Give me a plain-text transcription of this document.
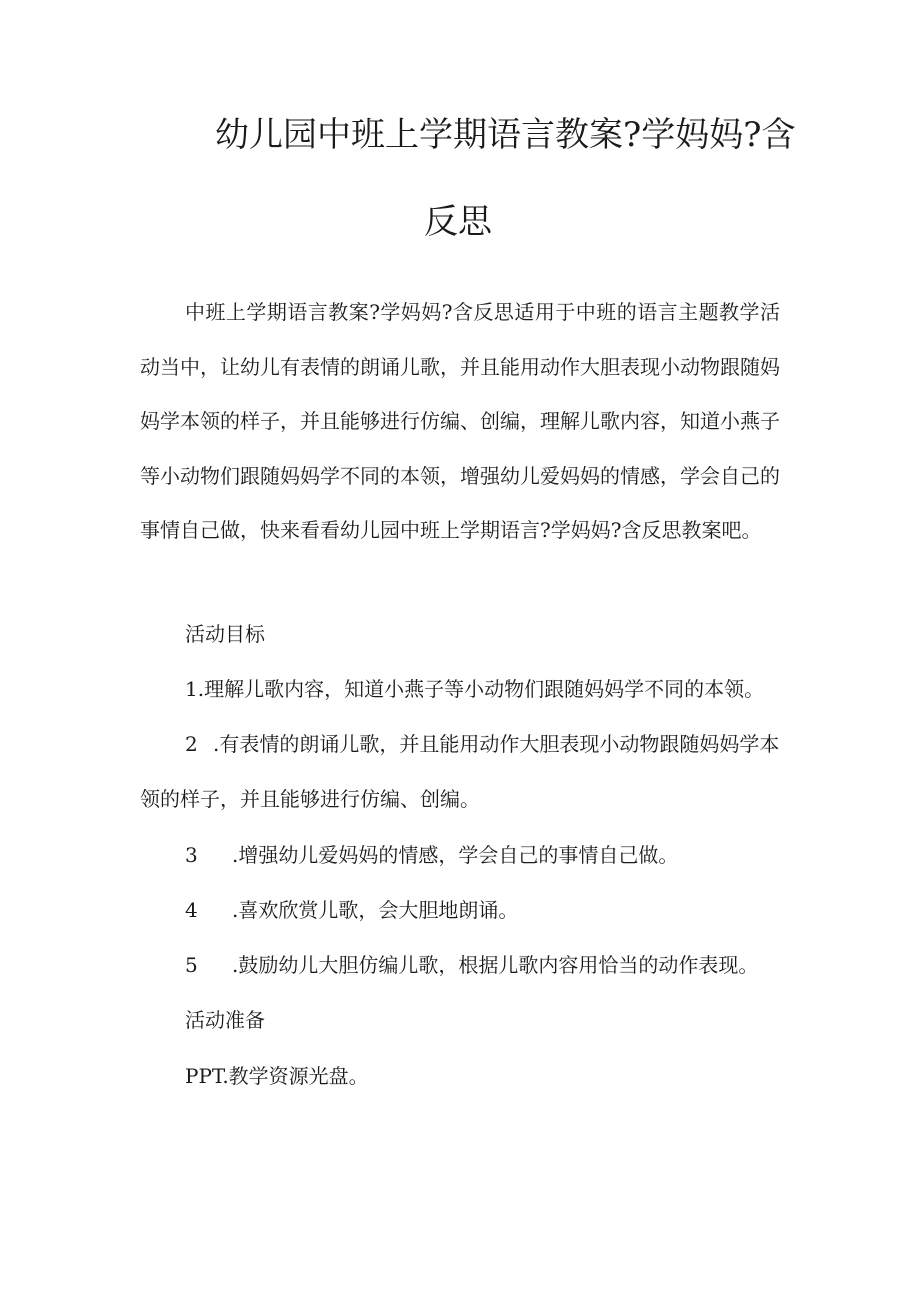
幼儿园中班上学期语言教案?学妈妈?含
反思
中班上学期语言教案?学妈妈?含反思适用于中班的语言主题教学活动当中，让幼儿有表情的朗诵儿歌，并且能用动作大胆表现小动物跟随妈妈学本领的样子，并且能够进行仿编、创编，理解儿歌内容，知道小燕子等小动物们跟随妈妈学不同的本领，增强幼儿爱妈妈的情感，学会自己的事情自己做，快来看看幼儿园中班上学期语言?学妈妈?含反思教案吧。
活动目标
1.理解儿歌内容，知道小燕子等小动物们跟随妈妈学不同的本领。
2 .有表情的朗诵儿歌，并且能用动作大胆表现小动物跟随妈妈学本
领的样子，并且能够进行仿编、创编。
3 .增强幼儿爱妈妈的情感，学会自己的事情自己做。
4 .喜欢欣赏儿歌，会大胆地朗诵。
5 .鼓励幼儿大胆仿编儿歌，根据儿歌内容用恰当的动作表现。
活动准备
PPT.教学资源光盘。
